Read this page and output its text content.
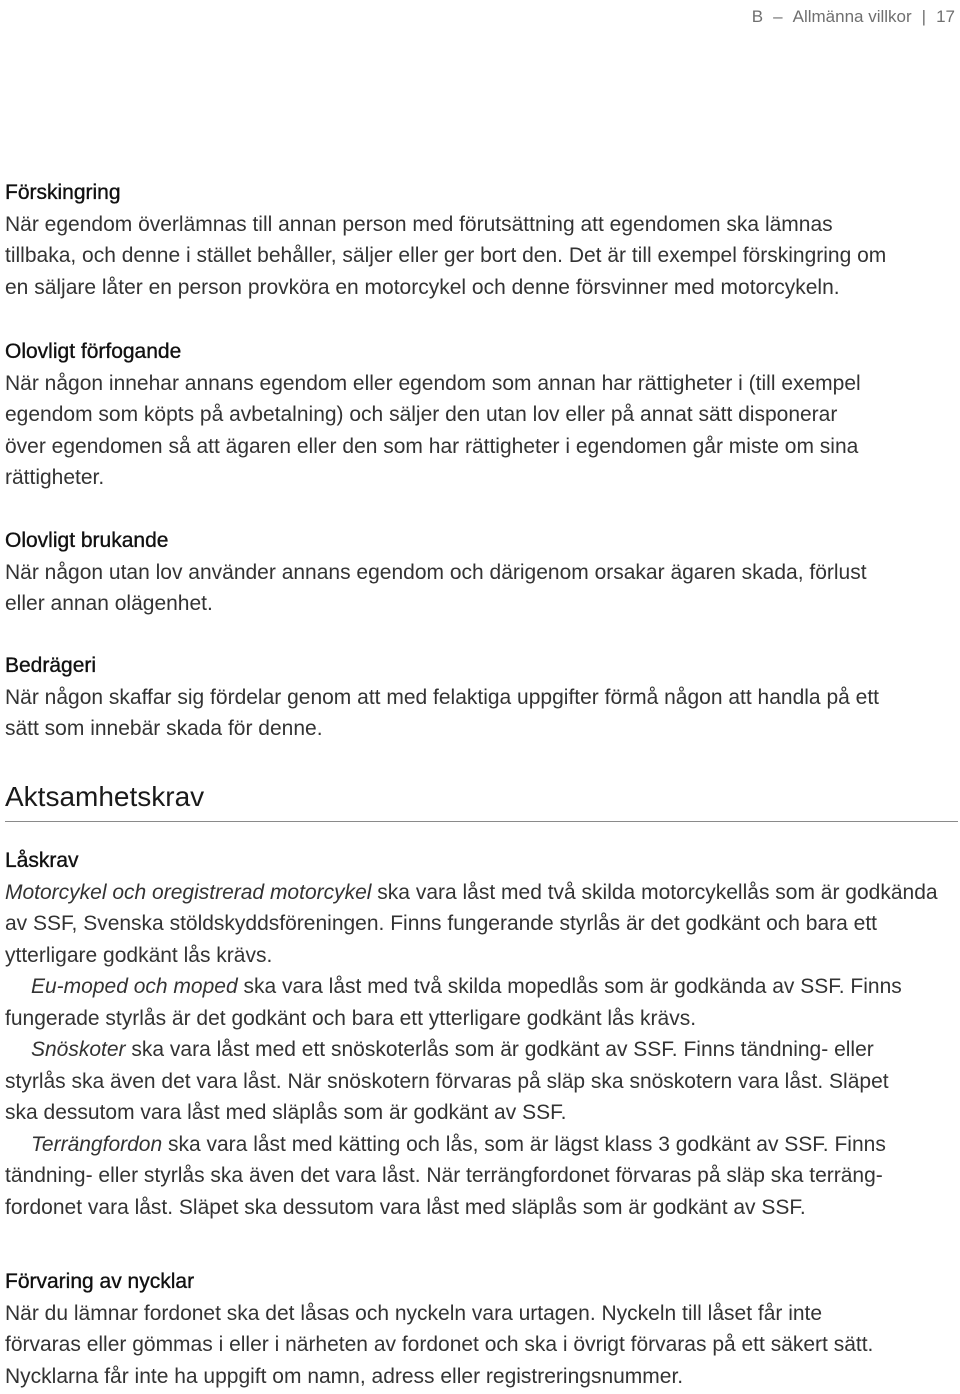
B – Allmänna villkor | 17
Förskingring
När egendom överlämnas till annan person med förutsättning att egendomen ska lämnas
tillbaka, och denne i stället behåller, säljer eller ger bort den. Det är till exempel förskingring om
en säljare låter en person provköra en motorcykel och denne försvinner med motorcykeln.
Olovligt förfogande
När någon innehar annans egendom eller egendom som annan har rättigheter i (till exempel
egendom som köpts på avbetalning) och säljer den utan lov eller på annat sätt disponerar
över egendomen så att ägaren eller den som har rättigheter i egendomen går miste om sina
rättigheter.
Olovligt brukande
När någon utan lov använder annans egendom och därigenom orsakar ägaren skada, förlust
eller annan olägenhet.
Bedrägeri
När någon skaffar sig fördelar genom att med felaktiga uppgifter förmå någon att handla på ett
sätt som innebär skada för denne.
Aktsamhetskrav
Låskrav
Motorcykel och oregistrerad motorcykel ska vara låst med två skilda motorcykellås som är godkända
av SSF, Svenska stöldskyddsföreningen. Finns fungerande styrlås är det godkänt och bara ett
ytterligare godkänt lås krävs.
Eu-moped och moped ska vara låst med två skilda mopedlås som är godkända av SSF. Finns
fungerade styrlås är det godkänt och bara ett ytterligare godkänt lås krävs.
Snöskoter ska vara låst med ett snöskoterlås som är godkänt av SSF. Finns tändning- eller
styrlås ska även det vara låst. När snöskotern förvaras på släp ska snöskotern vara låst. Släpet
ska dessutom vara låst med släplås som är godkänt av SSF.
Terrängfordon ska vara låst med kätting och lås, som är lägst klass 3 godkänt av SSF. Finns
tändning- eller styrlås ska även det vara låst. När terrängfordonet förvaras på släp ska terräng-
fordonet vara låst. Släpet ska dessutom vara låst med släplås som är godkänt av SSF.
Förvaring av nycklar
När du lämnar fordonet ska det låsas och nyckeln vara urtagen. Nyckeln till låset får inte
förvaras eller gömmas i eller i närheten av fordonet och ska i övrigt förvaras på ett säkert sätt.
Nycklarna får inte ha uppgift om namn, adress eller registreringsnummer.
